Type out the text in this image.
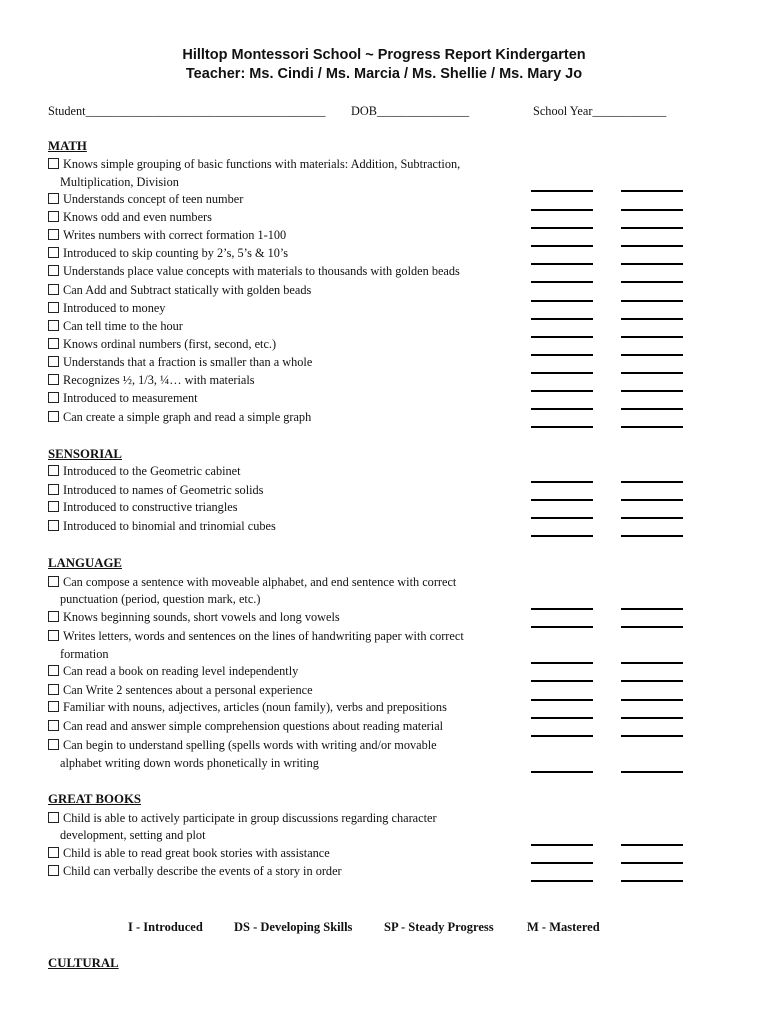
Hilltop Montessori School ~ Progress Report Kindergarten
Teacher: Ms. Cindi / Ms. Marcia / Ms. Shellie / Ms. Mary Jo
Student_______________________________________ DOB_______________	School Year____________
MATH
Knows simple grouping of basic functions with materials: Addition, Subtraction,
Multiplication, Division
Understands concept of teen number
Knows odd and even numbers
Writes numbers with correct formation 1-100
Introduced to skip counting by 2’s, 5’s & 10’s
Understands place value concepts with materials to thousands with golden beads
Can Add and Subtract statically with golden beads
Introduced to money
Can tell time to the hour
Knows ordinal numbers (first, second, etc.)
Understands that a fraction is smaller than a whole
Recognizes ½, 1/3, ¼… with materials
Introduced to measurement
Can create a simple graph and read a simple graph
SENSORIAL
Introduced to the Geometric cabinet
Introduced to names of Geometric solids
Introduced to constructive triangles
Introduced to binomial and trinomial cubes
LANGUAGE
Can compose a sentence with moveable alphabet, and end sentence with correct
punctuation (period, question mark, etc.)
Knows beginning sounds, short vowels and long vowels
Writes letters, words and sentences on the lines of handwriting paper with correct
formation
Can read a book on reading level independently
Can Write 2 sentences about a personal experience
Familiar with nouns, adjectives, articles (noun family), verbs and prepositions
Can read and answer simple comprehension questions about reading material
Can begin to understand spelling (spells words with writing and/or movable
alphabet writing down words phonetically in writing
GREAT BOOKS
Child is able to actively participate in group discussions regarding character
development, setting and plot
Child is able to read great book stories with assistance
Child can verbally describe the events of a story in order
I - Introduced DS - Developing Skills	SP - Steady Progress	M - Mastered
CULTURAL
